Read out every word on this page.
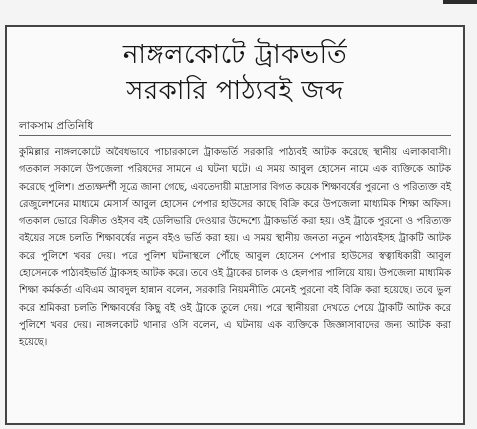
নাঙ্গলকোটে ট্রাকভর্তি
সরকারি পাঠ্যবই জব্দ
লাকসাম প্রতিনিধি

কুমিল্লার নাঙ্গলকোটে অবৈধভাবে পাচারকালে ট্রাকভর্তি সরকারি পাঠ্যবই আটক করেছে স্থানীয় এলাকাবাসী। গতকাল সকালে উপজেলা পরিষদের সামনে এ ঘটনা ঘটে। এ সময় আবুল হোসেন নামে এক ব্যক্তিকে আটক করেছে পুলিশ। প্রত্যক্ষদর্শী সূত্রে জানা গেছে, এবতেদায়ী মাদ্রাসার বিগত কয়েক শিক্ষাবর্ষের পুরনো ও পরিত্যক্ত বই রেজুলেশনের মাধ্যমে মেসার্স আবুল হোসেন পেপার হাউসের কাছে বিক্রি করে উপজেলা মাধ্যমিক শিক্ষা অফিস। গতকাল ভোরে বিক্রীত ওইসব বই ডেলিভারি দেওয়ার উদ্দেশ্যে ট্রাকভর্তি করা হয়। ওই ট্রাকে পুরনো ও পরিত্যক্ত বইয়ের সঙ্গে চলতি শিক্ষাবর্ষের নতুন বইও ভর্তি করা হয়। এ সময় স্থানীয় জনতা নতুন পাঠ্যবইসহ ট্রাকটি আটক করে পুলিশে খবর দেয়। পরে পুলিশ ঘটনাস্থলে পৌঁছে আবুল হোসেন পেপার হাউসের স্বত্বাধিকারী আবুল হোসেনকে পাঠ্যবইভর্তি ট্রাকসহ আটক করে। তবে ওই ট্রাকের চালক ও হেলপার পালিয়ে যায়। উপজেলা মাধ্যমিক শিক্ষা কর্মকর্তা এবিএম আবদুল হান্নান বলেন, সরকারি নিয়মনীতি মেনেই পুরনো বই বিক্রি করা হয়েছে। তবে ভুল করে শ্রমিকরা চলতি শিক্ষাবর্ষের কিছু বই ওই ট্রাকে তুলে দেয়। পরে স্থানীয়রা দেখতে পেয়ে ট্রাকটি আটক করে পুলিশে খবর দেয়। নাঙ্গলকোট থানার ওসি বলেন, এ ঘটনায় এক ব্যক্তিকে জিজ্ঞাসাবাদের জন্য আটক করা হয়েছে।
